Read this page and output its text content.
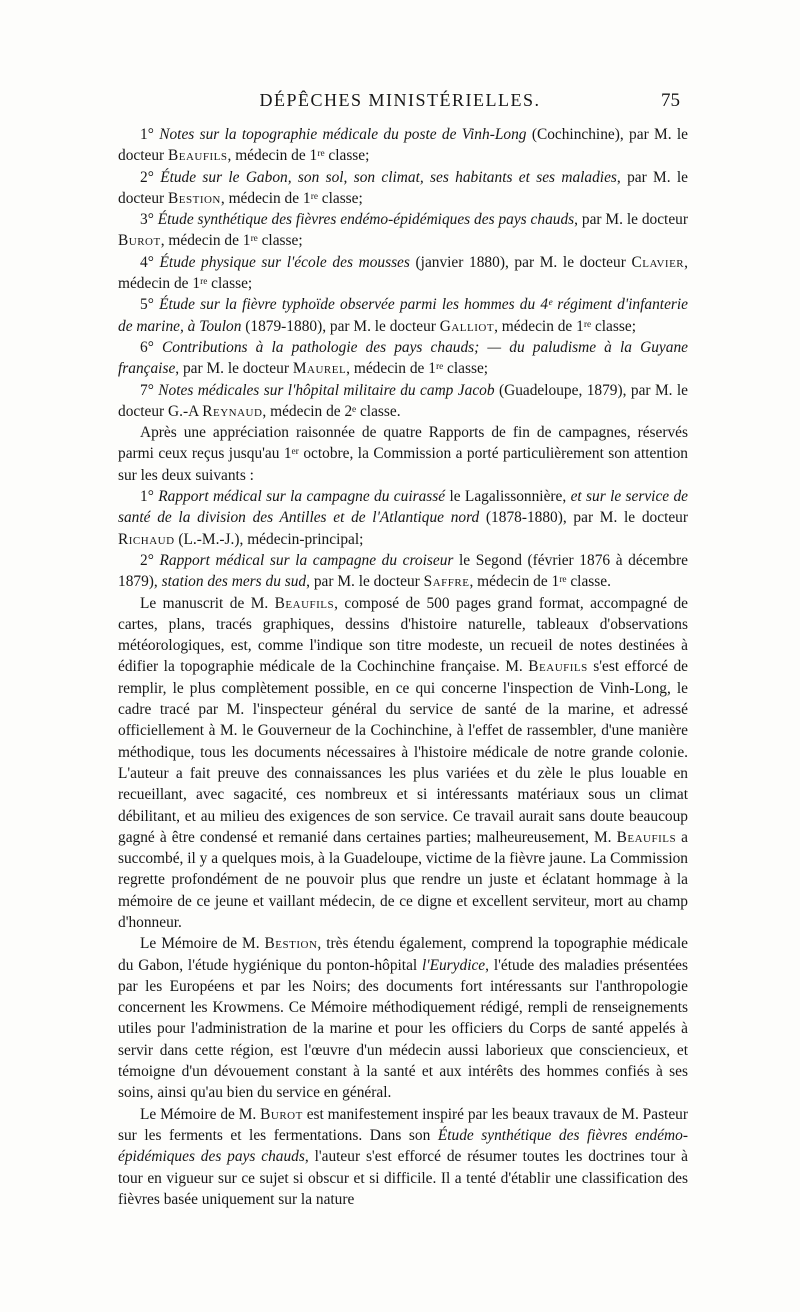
DÉPÊCHES MINISTÉRIELLES.	75

1° Notes sur la topographie médicale du poste de Vinh-Long (Cochinchine), par M. le docteur Beaufils, médecin de 1ʳᵉ classe;

2° Étude sur le Gabon, son sol, son climat, ses habitants et ses maladies, par M. le docteur Bestion, médecin de 1ʳᵉ classe;

3° Étude synthétique des fièvres endémo-épidémiques des pays chauds, par M. le docteur Burot, médecin de 1ʳᵉ classe;

4° Étude physique sur l'école des mousses (janvier 1880), par M. le docteur Clavier, médecin de 1ʳᵉ classe;

5° Étude sur la fièvre typhoïde observée parmi les hommes du 4ᵉ régiment d'infanterie de marine, à Toulon (1879-1880), par M. le docteur Galliot, médecin de 1ʳᵉ classe;

6° Contributions à la pathologie des pays chauds; — du paludisme à la Guyane française, par M. le docteur Maurel, médecin de 1ʳᵉ classe;

7° Notes médicales sur l'hôpital militaire du camp Jacob (Guadeloupe, 1879), par M. le docteur G.-A Reynaud, médecin de 2ᵉ classe.

Après une appréciation raisonnée de quatre Rapports de fin de campagnes, réservés parmi ceux reçus jusqu'au 1ᵉʳ octobre, la Commission a porté particulièrement son attention sur les deux suivants :

1° Rapport médical sur la campagne du cuirassé le Lagalissonnière, et sur le service de santé de la division des Antilles et de l'Atlantique nord (1878-1880), par M. le docteur Richaud (L.-M.-J.), médecin-principal;

2° Rapport médical sur la campagne du croiseur le Segond (février 1876 à décembre 1879), station des mers du sud, par M. le docteur Saffre, médecin de 1ʳᵉ classe.

Le manuscrit de M. Beaufils, composé de 500 pages grand format, accompagné de cartes, plans, tracés graphiques, dessins d'histoire naturelle, tableaux d'observations météorologiques, est, comme l'indique son titre modeste, un recueil de notes destinées à édifier la topographie médicale de la Cochinchine française. M. Beaufils s'est efforcé de remplir, le plus complètement possible, en ce qui concerne l'inspection de Vinh-Long, le cadre tracé par M. l'inspecteur général du service de santé de la marine, et adressé officiellement à M. le Gouverneur de la Cochinchine, à l'effet de rassembler, d'une manière méthodique, tous les documents nécessaires à l'histoire médicale de notre grande colonie. L'auteur a fait preuve des connaissances les plus variées et du zèle le plus louable en recueillant, avec sagacité, ces nombreux et si intéressants matériaux sous un climat débilitant, et au milieu des exigences de son service. Ce travail aurait sans doute beaucoup gagné à être condensé et remanié dans certaines parties; malheureusement, M. Beaufils a succombé, il y a quelques mois, à la Guadeloupe, victime de la fièvre jaune. La Commission regrette profondément de ne pouvoir plus que rendre un juste et éclatant hommage à la mémoire de ce jeune et vaillant médecin, de ce digne et excellent serviteur, mort au champ d'honneur.

Le Mémoire de M. Bestion, très étendu également, comprend la topographie médicale du Gabon, l'étude hygiénique du ponton-hôpital l'Eurydice, l'étude des maladies présentées par les Européens et par les Noirs; des documents fort intéressants sur l'anthropologie concernent les Krowmens. Ce Mémoire méthodiquement rédigé, rempli de renseignements utiles pour l'administration de la marine et pour les officiers du Corps de santé appelés à servir dans cette région, est l'œuvre d'un médecin aussi laborieux que consciencieux, et témoigne d'un dévouement constant à la santé et aux intérêts des hommes confiés à ses soins, ainsi qu'au bien du service en général.

Le Mémoire de M. Burot est manifestement inspiré par les beaux travaux de M. Pasteur sur les ferments et les fermentations. Dans son Étude synthétique des fièvres endémo-épidémiques des pays chauds, l'auteur s'est efforcé de résumer toutes les doctrines tour à tour en vigueur sur ce sujet si obscur et si difficile. Il a tenté d'établir une classification des fièvres basée uniquement sur la nature
